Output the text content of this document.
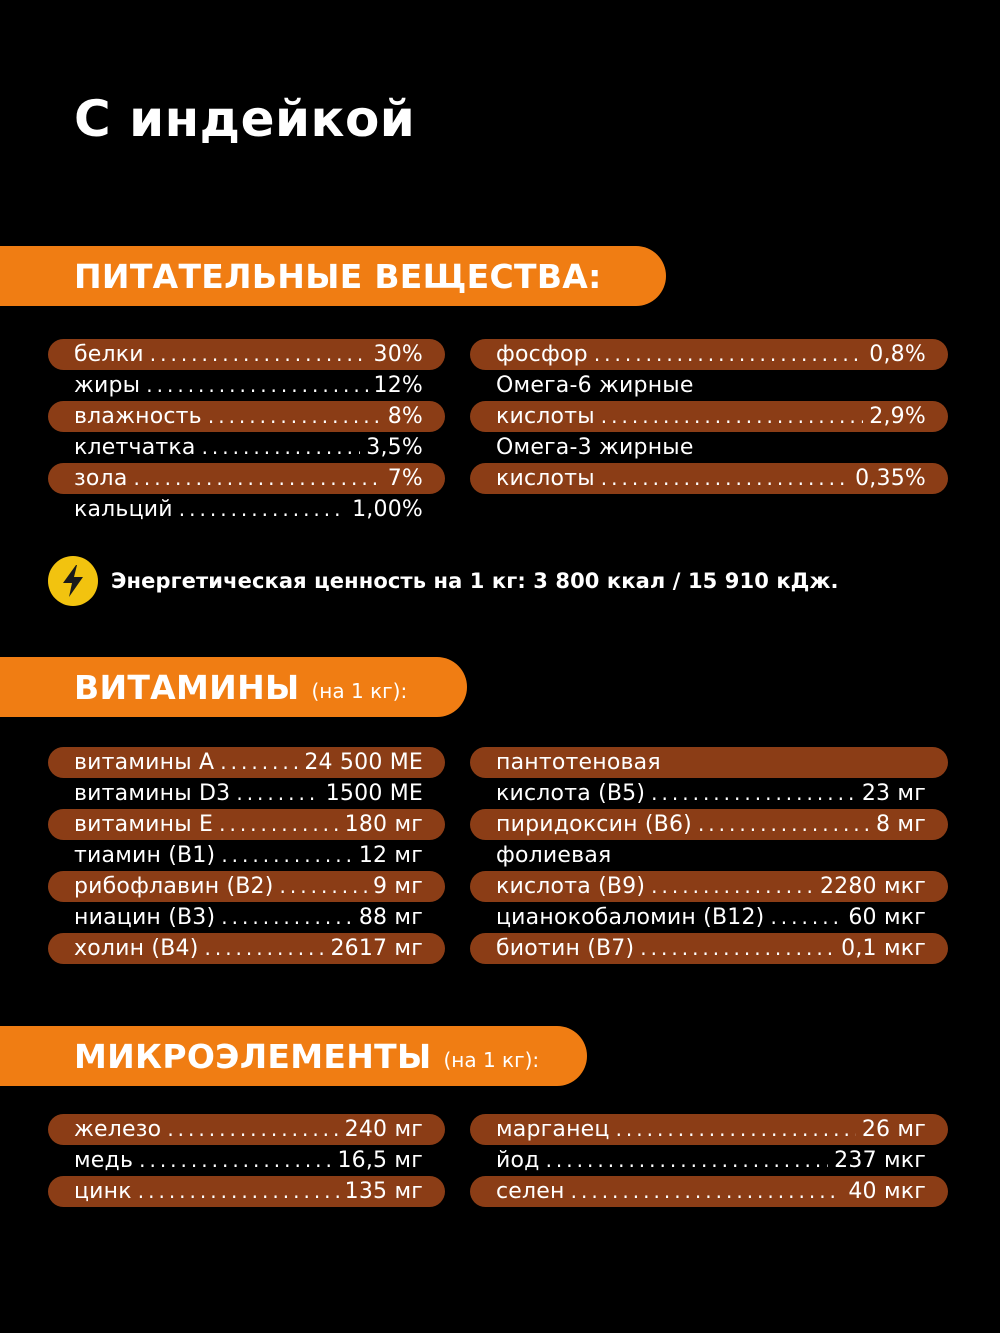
С индейкой
ПИТАТЕЛЬНЫЕ ВЕЩЕСТВА:
белки .....	30%
жиры .....	12%
влажность .....	8%
клетчатка .....	3,5%
зола .....	7%
кальций .....	1,00%
фосфор .....	0,8%
Омега-6 жирные
кислоты .....	2,9%
Омега-3 жирные
кислоты .....	0,35%
Энергетическая ценность на 1 кг: 3 800 ккал / 15 910 кДж.
ВИТАМИНЫ (на 1 кг):
витамины А .....	24 500 МЕ
витамины D3 .....	1500 МЕ
витамины Е .....	180 мг
тиамин (В1) .....	12 мг
рибофлавин (В2) .....	9 мг
ниацин (В3) .....	88 мг
холин (В4) .....	2617 мг
пантотеновая
кислота (В5) .....	23 мг
пиридоксин (В6) .....	8 мг
фолиевая
кислота (В9) .....	2280 мкг
цианокобаломин (В12) .....	60 мкг
биотин (В7) .....	0,1 мкг
МИКРОЭЛЕМЕНТЫ (на 1 кг):
железо .....	240 мг
медь .....	16,5 мг
цинк .....	135 мг
марганец .....	26 мг
йод .....	237 мкг
селен .....	40 мкг
